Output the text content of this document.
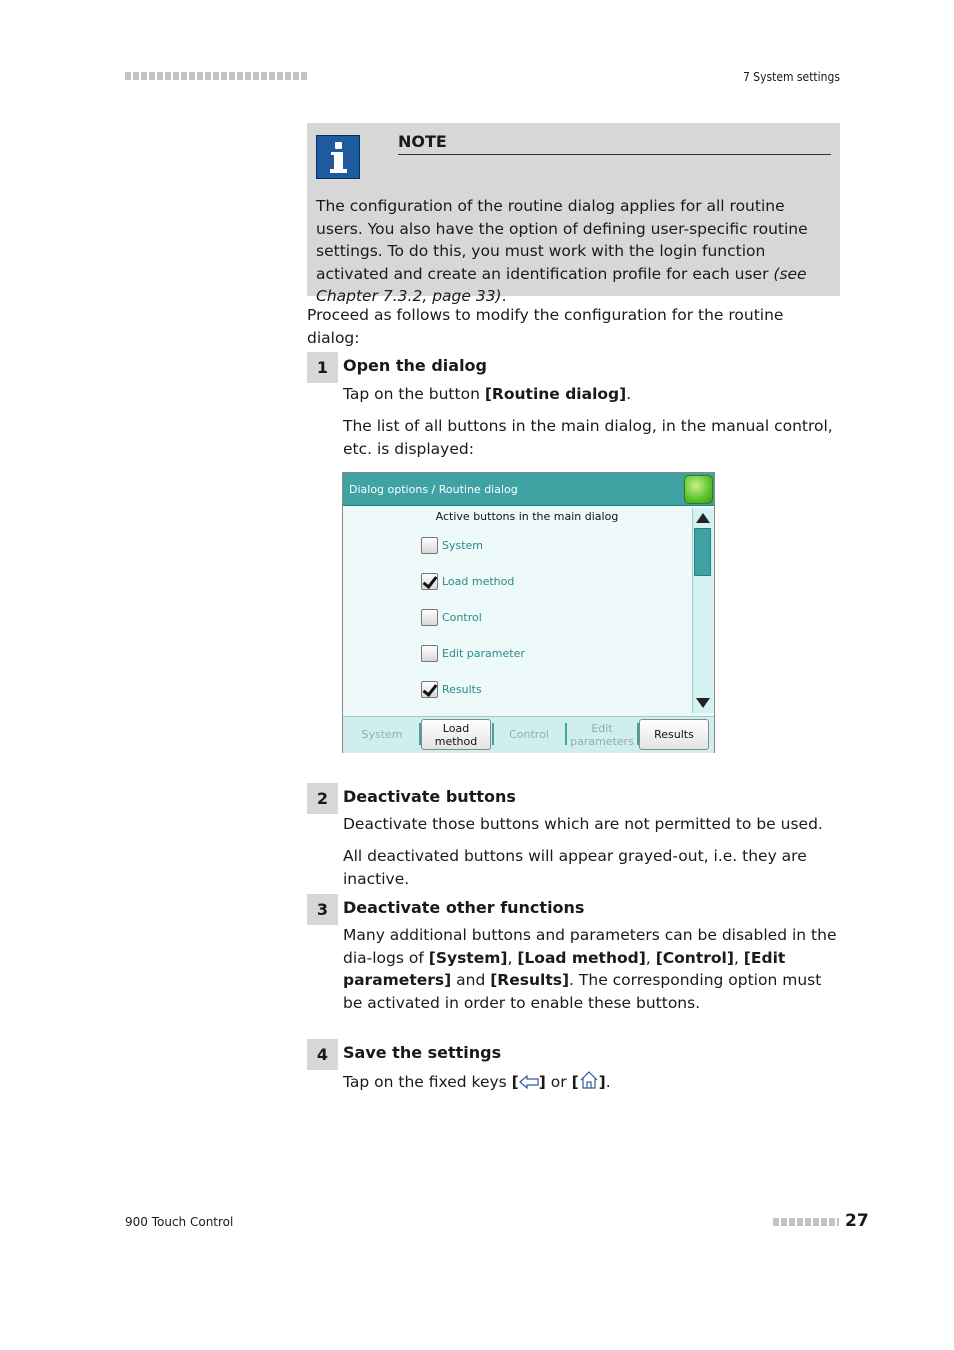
7 System settings
NOTE
The configuration of the routine dialog applies for all routine users. You also have the option of defining user-specific routine settings. To do this, you must work with the login function activated and create an identification profile for each user (see Chapter 7.3.2, page 33).
Proceed as follows to modify the configuration for the routine dialog:
1 Open the dialog
Tap on the button [Routine dialog].
The list of all buttons in the main dialog, in the manual control, etc. is displayed:
Dialog options / Routine dialog
Active buttons in the main dialog
System
Load method
Control
Edit parameter
Results
System	Load
method	Control	Edit
parameters	Results
2 Deactivate buttons
Deactivate those buttons which are not permitted to be used.
All deactivated buttons will appear grayed-out, i.e. they are inactive.
3 Deactivate other functions
Many additional buttons and parameters can be disabled in the dia-logs of [System], [Load method], [Control], [Edit parameters] and [Results]. The corresponding option must be activated in order to enable these buttons.
4 Save the settings
Tap on the fixed keys [ ] or [ ].
900 Touch Control	27
